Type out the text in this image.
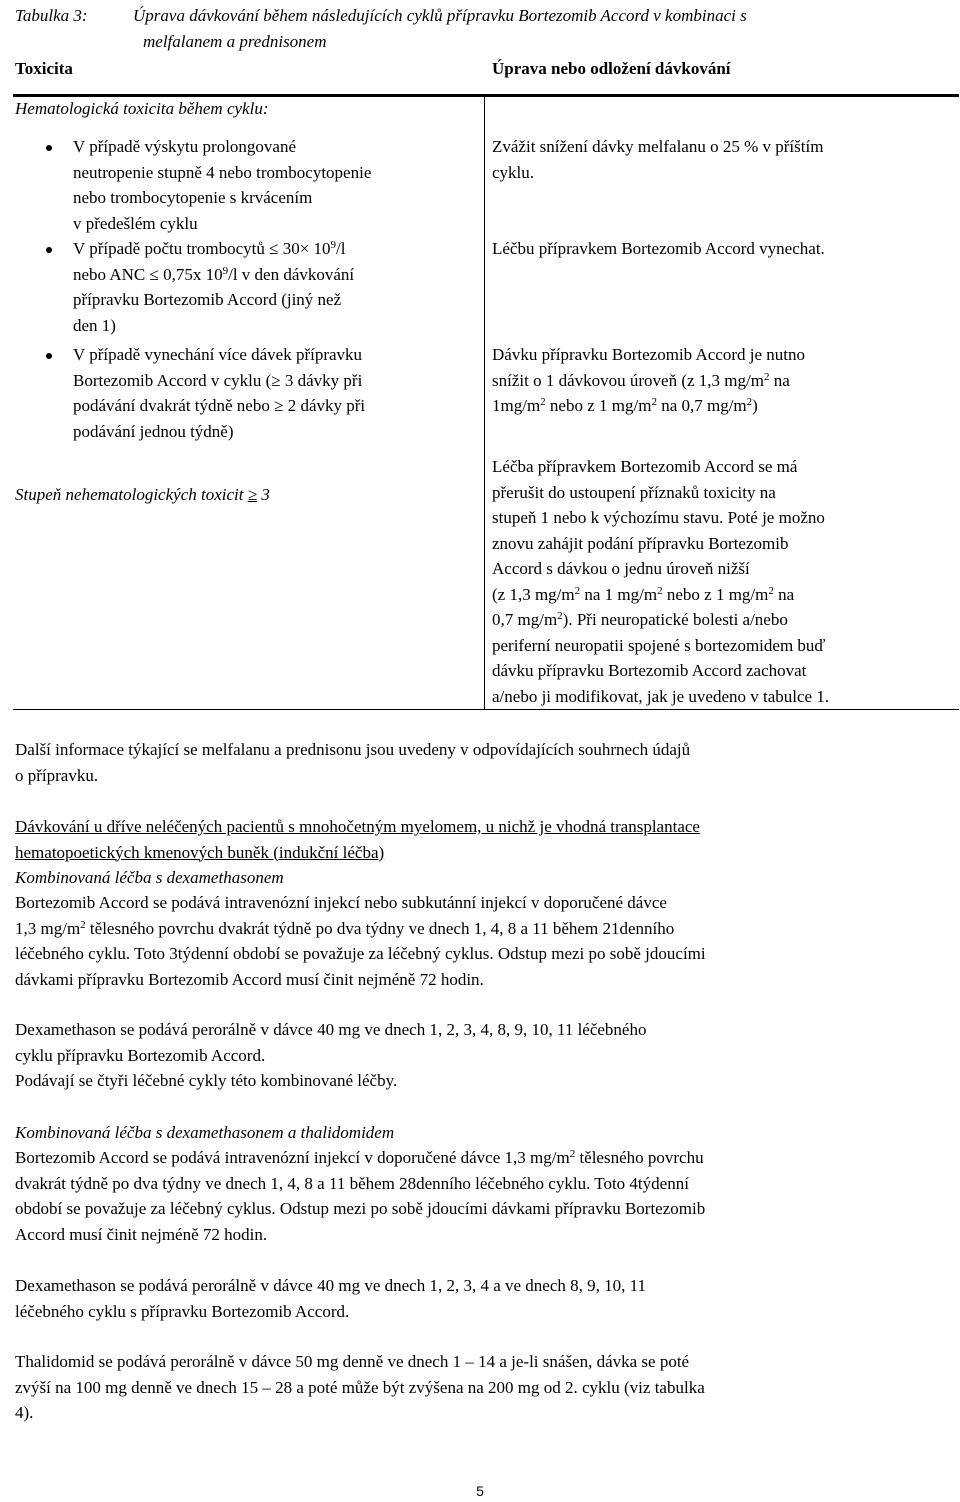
Tabulka 3:	Úprava dávkování během následujících cyklů přípravku Bortezomib Accord v kombinaci s
melfalanem a prednisonem
Toxicita	Úprava nebo odložení dávkování
Hematologická toxicita během cyklu:
V případě výskytu prolongované
neutropenie stupně 4 nebo trombocytopenie
nebo trombocytopenie s krvácením
v předešlém cyklu
Zvážit snížení dávky melfalanu o 25 % v příštím
cyklu.
V případě počtu trombocytů ≤ $30\times 10^9/l$
nebo ANC ≤ 0,75x $10^9/l$ v den dávkování
přípravku Bortezomib Accord (jiný než
den 1)
Léčbu přípravkem Bortezomib Accord vynechat.
V případě vynechání více dávek přípravku
Bortezomib Accord v cyklu (≥ 3 dávky při
podávání dvakrát týdně nebo ≥ 2 dávky při
podávání jednou týdně)
Dávku přípravku Bortezomib Accord je nutno
snížit o 1 dávkovou úroveň (z 1,3 $mg/m^2$ na
$1mg/m^2$ nebo z 1 $mg/m^2$ na 0,7 $mg/m^2$)
Stupeň nehematologických toxicit ≥ 3
Léčba přípravkem Bortezomib Accord se má
přerušit do ustoupení příznaků toxicity na
stupeň 1 nebo k výchozímu stavu. Poté je možno
znovu zahájit podání přípravku Bortezomib
Accord s dávkou o jednu úroveň nižší
(z 1,3 $mg/m^2$ na 1 $mg/m^2$ nebo z 1 $mg/m^2$ na
0,7 $mg/m^2$). Při neuropatické bolesti a/nebo
periferní neuropatii spojené s bortezomidem buď
dávku přípravku Bortezomib Accord zachovat
a/nebo ji modifikovat, jak je uvedeno v tabulce 1.
Další informace týkající se melfalanu a prednisonu jsou uvedeny v odpovídajících souhrnech údajů
o přípravku.
Dávkování u dříve neléčených pacientů s mnohočetným myelomem, u nichž je vhodná transplantace
hematopoetických kmenových buněk (indukční léčba)
Kombinovaná léčba s dexamethasonem
Bortezomib Accord se podává intravenózní injekcí nebo subkutánní injekcí v doporučené dávce
1,3 $mg/m^2$ tělesného povrchu dvakrát týdně po dva týdny ve dnech 1, 4, 8 a 11 během 21denního
léčebného cyklu. Toto 3týdenní období se považuje za léčebný cyklus. Odstup mezi po sobě jdoucími
dávkami přípravku Bortezomib Accord musí činit nejméně 72 hodin.
Dexamethason se podává perorálně v dávce 40 mg ve dnech 1, 2, 3, 4, 8, 9, 10, 11 léčebného
cyklu přípravku Bortezomib Accord.
Podávají se čtyři léčebné cykly této kombinované léčby.
Kombinovaná léčba s dexamethasonem a thalidomidem
Bortezomib Accord se podává intravenózní injekcí v doporučené dávce 1,3 $mg/m^2$ tělesného povrchu
dvakrát týdně po dva týdny ve dnech 1, 4, 8 a 11 během 28denního léčebného cyklu. Toto 4týdenní
období se považuje za léčebný cyklus. Odstup mezi po sobě jdoucími dávkami přípravku Bortezomib
Accord musí činit nejméně 72 hodin.
Dexamethason se podává perorálně v dávce 40 mg ve dnech 1, 2, 3, 4 a ve dnech 8, 9, 10, 11
léčebného cyklu s přípravku Bortezomib Accord.
Thalidomid se podává perorálně v dávce 50 mg denně ve dnech 1 – 14 a je-li snášen, dávka se poté
zvýší na 100 mg denně ve dnech 15 – 28 a poté může být zvýšena na 200 mg od 2. cyklu (viz tabulka
4).
5
